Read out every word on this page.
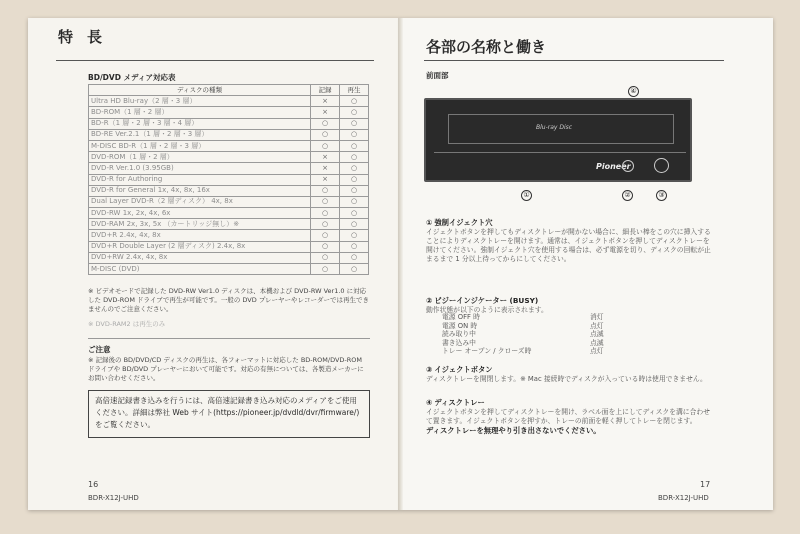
特長
BD/DVD メディア対応表
ディスクの種類	記録	再生
Ultra HD Blu-ray（2 層・3 層）	×	○
BD-ROM（1 層・2 層）	×	○
BD-R（1 層・2 層・3 層・4 層）	○	○
BD-RE Ver.2.1（1 層・2 層・3 層）	○	○
M-DISC BD-R（1 層・2 層・3 層）	○	○
DVD-ROM（1 層・2 層）	×	○
DVD-R Ver.1.0 (3.95GB)	×	○
DVD-R for Authoring	×	○
DVD-R for General 1x, 4x, 8x, 16x	○	○
Dual Layer DVD-R（2 層ディスク） 4x, 8x	○	○
DVD-RW 1x, 2x, 4x, 6x	○	○
DVD-RAM 2x, 3x, 5x （カートリッジ無し）※	○	○
DVD+R 2.4x, 4x, 8x	○	○
DVD+R Double Layer (2 層ディスク) 2.4x, 8x	○	○
DVD+RW 2.4x, 4x, 8x	○	○
M-DISC (DVD)	○	○
※ ビデオモードで記録した DVD-RW Ver1.0 ディスクは、本機および DVD-RW Ver1.0 に対応した DVD-ROM ドライブで再生が可能です。一般の DVD プレーヤーやレコーダーでは再生できませんのでご注意ください。
※ DVD-RAM2 は再生のみ
ご注意
※ 記録後の BD/DVD/CD ディスクの再生は、各フォーマットに対応した BD-ROM/DVD-ROM ドライブや BD/DVD プレーヤーにおいて可能です。対応の有無については、各製造メーカーにお問い合わせください。
高倍速記録書き込みを行うには、高倍速記録書き込み対応のメディアをご使用ください。詳細は弊社 Web サイト(https://pioneer.jp/dvdld/dvr/firmware/)をご覧ください。
16
BDR-X12J-UHD
各部の名称と働き
前面部
Blu-ray Disc
Pioneer
④
①	②	③
① 強制イジェクト穴
イジェクトボタンを押してもディスクトレーが開かない場合に、細長い棒をこの穴に挿入することによりディスクトレーを開けます。通常は、イジェクトボタンを押してディスクトレーを開けてください。強制イジェクト穴を使用する場合は、必ず電源を切り、ディスクの回転が止まるまで 1 分以上待ってからにしてください。
② ビジーインジケーター (BUSY)
動作状態が以下のように表示されます。
電源 OFF 時	消灯
電源 ON 時	点灯
読み取り中	点滅
書き込み中	点滅
トレー オープン / クローズ時	点灯
③ イジェクトボタン
ディスクトレーを開閉します。※ Mac 接続時でディスクが入っている時は使用できません。
④ ディスクトレー
イジェクトボタンを押してディスクトレーを開け、ラベル面を上にしてディスクを溝に合わせて置きます。イジェクトボタンを押すか、トレーの前面を軽く押してトレーを閉じます。
ディスクトレーを無理やり引き出さないでください。
17
BDR-X12J-UHD
